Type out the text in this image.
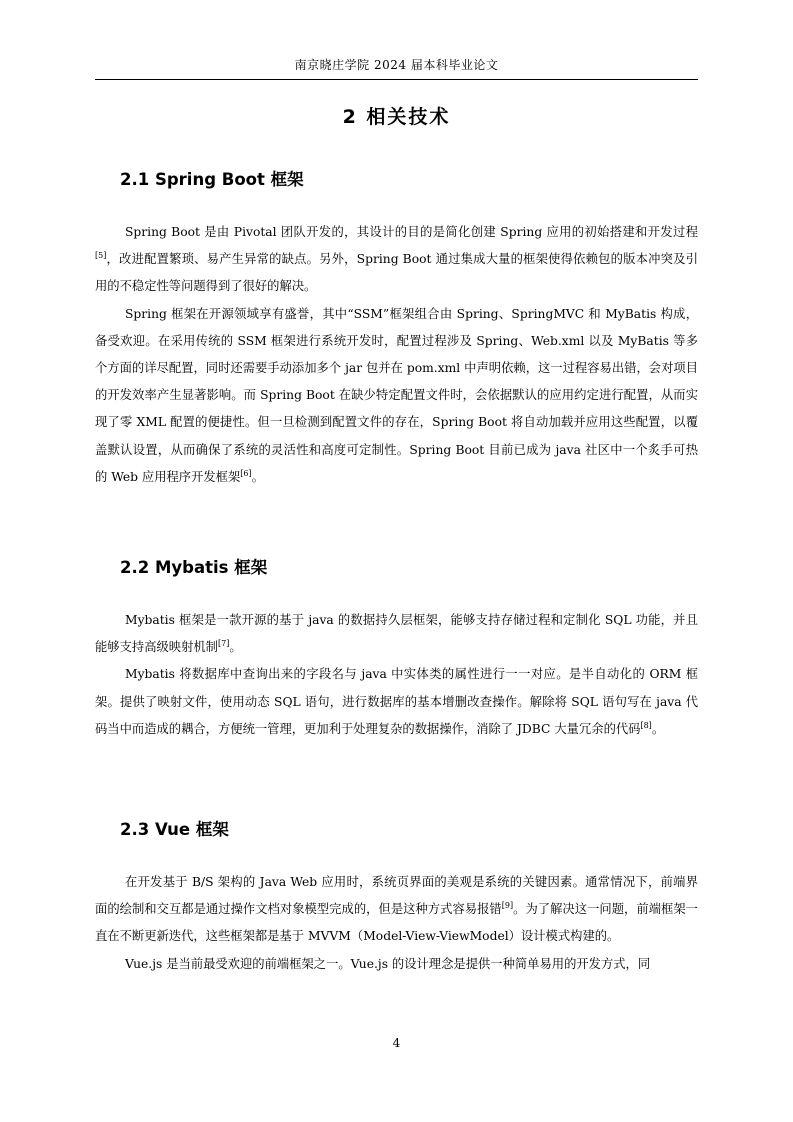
南京晓庄学院 2024 届本科毕业论文
2 相关技术
2.1 Spring Boot 框架

Spring Boot 是由 Pivotal 团队开发的，其设计的目的是简化创建 Spring 应用的初始搭建和开发过程[5]，改进配置繁琐、易产生异常的缺点。另外，Spring Boot 通过集成大量的框架使得依赖包的版本冲突及引用的不稳定性等问题得到了很好的解决。

Spring 框架在开源领域享有盛誉，其中“SSM”框架组合由 Spring、SpringMVC 和 MyBatis 构成，备受欢迎。在采用传统的 SSM 框架进行系统开发时，配置过程涉及 Spring、Web.xml 以及 MyBatis 等多个方面的详尽配置，同时还需要手动添加多个 jar 包并在 pom.xml 中声明依赖，这一过程容易出错，会对项目的开发效率产生显著影响。而 Spring Boot 在缺少特定配置文件时，会依据默认的应用约定进行配置，从而实现了零 XML 配置的便捷性。但一旦检测到配置文件的存在，Spring Boot 将自动加载并应用这些配置，以覆盖默认设置，从而确保了系统的灵活性和高度可定制性。Spring Boot 目前已成为 java 社区中一个炙手可热的 Web 应用程序开发框架[6]。

2.2 Mybatis 框架

Mybatis 框架是一款开源的基于 java 的数据持久层框架，能够支持存储过程和定制化 SQL 功能，并且能够支持高级映射机制[7]。

Mybatis 将数据库中查询出来的字段名与 java 中实体类的属性进行一一对应。是半自动化的 ORM 框架。提供了映射文件，使用动态 SQL 语句，进行数据库的基本增删改查操作。解除将 SQL 语句写在 java 代码当中而造成的耦合，方便统一管理，更加利于处理复杂的数据操作，消除了 JDBC 大量冗余的代码[8]。

2.3 Vue 框架

在开发基于 B/S 架构的 Java Web 应用时，系统页界面的美观是系统的关键因素。通常情况下，前端界面的绘制和交互都是通过操作文档对象模型完成的，但是这种方式容易报错[9]。为了解决这一问题，前端框架一直在不断更新迭代，这些框架都是基于 MVVM（Model-View-ViewModel）设计模式构建的。

Vue.js 是当前最受欢迎的前端框架之一。Vue.js 的设计理念是提供一种简单易用的开发方式，同

4
